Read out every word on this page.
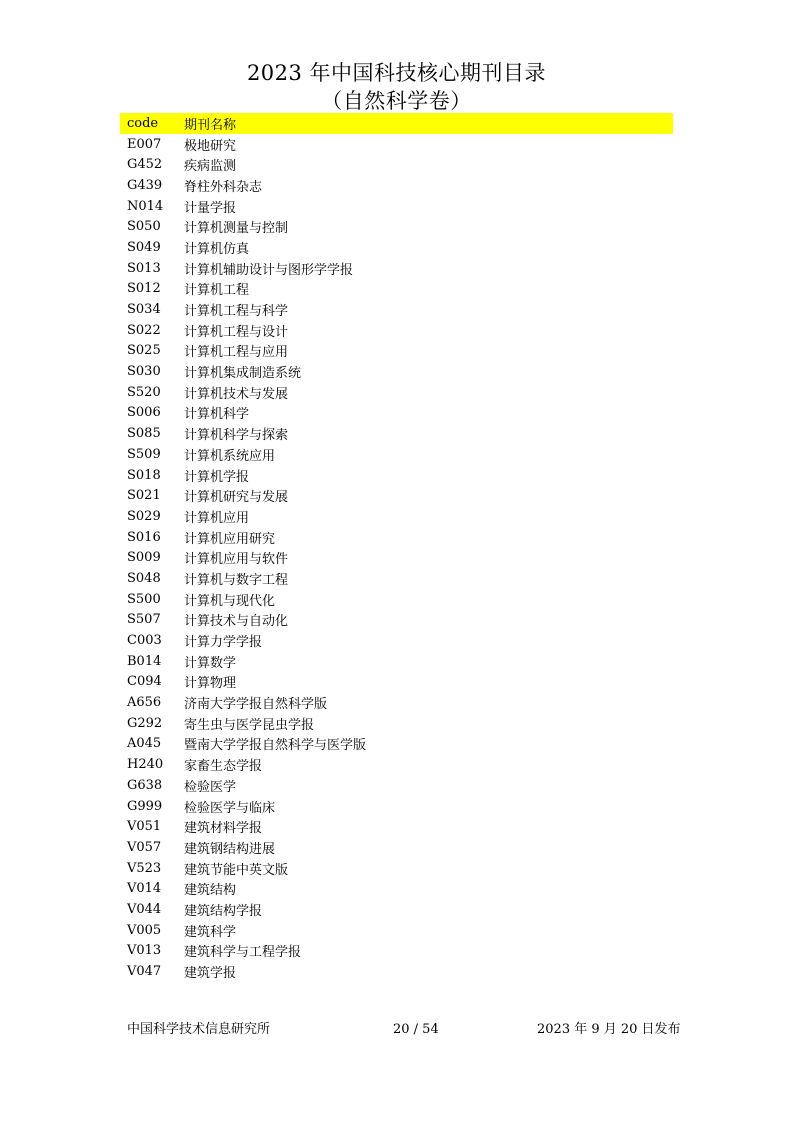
2023 年中国科技核心期刊目录
（自然科学卷）
code	期刊名称
E007	极地研究
G452	疾病监测
G439	脊柱外科杂志
N014	计量学报
S050	计算机测量与控制
S049	计算机仿真
S013	计算机辅助设计与图形学学报
S012	计算机工程
S034	计算机工程与科学
S022	计算机工程与设计
S025	计算机工程与应用
S030	计算机集成制造系统
S520	计算机技术与发展
S006	计算机科学
S085	计算机科学与探索
S509	计算机系统应用
S018	计算机学报
S021	计算机研究与发展
S029	计算机应用
S016	计算机应用研究
S009	计算机应用与软件
S048	计算机与数字工程
S500	计算机与现代化
S507	计算技术与自动化
C003	计算力学学报
B014	计算数学
C094	计算物理
A656	济南大学学报自然科学版
G292	寄生虫与医学昆虫学报
A045	暨南大学学报自然科学与医学版
H240	家畜生态学报
G638	检验医学
G999	检验医学与临床
V051	建筑材料学报
V057	建筑钢结构进展
V523	建筑节能中英文版
V014	建筑结构
V044	建筑结构学报
V005	建筑科学
V013	建筑科学与工程学报
V047	建筑学报
中国科学技术信息研究所	20 / 54	2023 年 9 月 20 日发布
